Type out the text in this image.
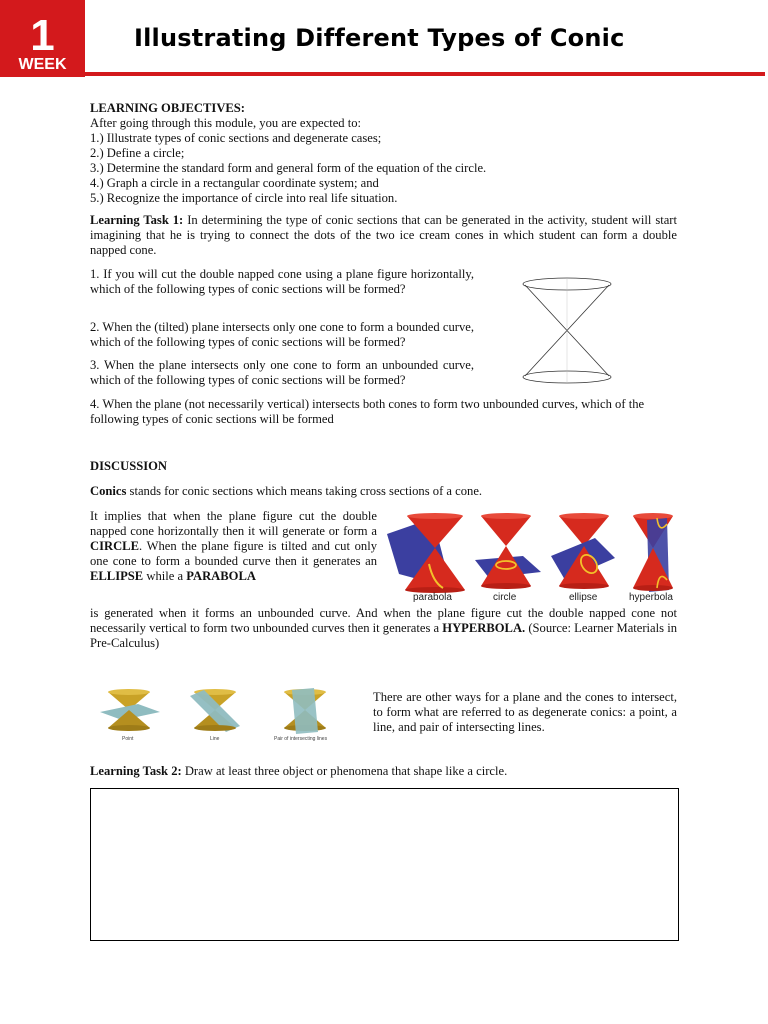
1
WEEK
Illustrating Different Types of Conic
LEARNING OBJECTIVES:
After going through this module, you are expected to:
1.) Illustrate types of conic sections and degenerate cases;
2.) Define a circle;
3.) Determine the standard form and general form of the equation of the circle.
4.) Graph a circle in a rectangular coordinate system; and
5.) Recognize the importance of circle into real life situation.

Learning Task 1: In determining the type of conic sections that can be generated in the activity, student will start imagining that he is trying to connect the dots of the two ice cream cones in which student can form a double napped cone.

1. If you will cut the double napped cone using a plane figure horizontally, which of the following types of conic sections will be formed?

2. When the (tilted) plane intersects only one cone to form a bounded curve, which of the following types of conic sections will be formed?

3. When the plane intersects only one cone to form an unbounded curve, which of the following types of conic sections will be formed?

4. When the plane (not necessarily vertical) intersects both cones to form two unbounded curves, which of the following types of conic sections will be formed

DISCUSSION

Conics stands for conic sections which means taking cross sections of a cone.

It implies that when the plane figure cut the double napped cone horizontally then it will generate or form a CIRCLE. When the plane figure is tilted and cut only one cone to form a bounded curve then it generates an ELLIPSE while a PARABOLA

is generated when it forms an unbounded curve. And when the plane figure cut the double napped cone not necessarily vertical to form two unbounded curves then it generates a HYPERBOLA. (Source: Learner Materials in Pre-Calculus)

parabola	circle	ellipse	hyperbola
Point	Line	Pair of intersecting lines

There are other ways for a plane and the cones to intersect, to form what are referred to as degenerate conics: a point, a line, and pair of intersecting lines.

Learning Task 2: Draw at least three object or phenomena that shape like a circle.
